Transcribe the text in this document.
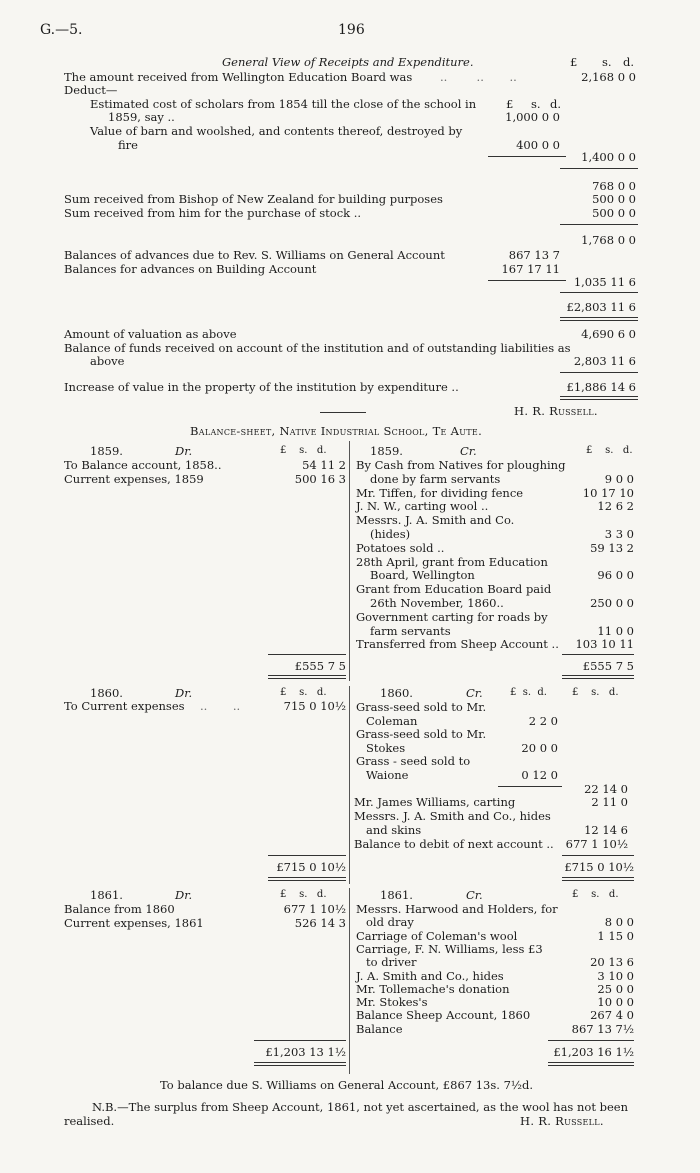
G.—5.	196
General View of Receipts and Expenditure.	£ s. d.
The amount received from Wellington Education Board was ..        ..       ..	2,168 0 0
Deduct—
Estimated cost of scholars from 1854 till the close of the school in	£ s. d.
1859, say ..	1,000 0 0
Value of barn and woolshed, and contents thereof, destroyed by
fire	400 0 0
1,400 0 0
768 0 0
Sum received from Bishop of New Zealand for building purposes	500 0 0
Sum received from him for the purchase of stock ..	500 0 0
1,768 0 0
Balances of advances due to Rev. S. Williams on General Account	867 13 7
Balances for advances on Building Account	167 17 11
1,035 11 6
£2,803 11 6
Amount of valuation as above	4,690 6 0
Balance of funds received on account of the institution and of outstanding liabilities as
above	2,803 11 6
Increase of value in the property of the institution by expenditure ..	£1,886 14 6
H. R. Russell.
Balance-sheet, Native Industrial School, Te Aute.
1859.	Dr.	£    s.   d.	1859.	Cr.	£    s.   d.
To Balance account, 1858..	54 11 2
Current expenses, 1859	500 16 3
By Cash from Natives for ploughing
done by farm servants	9 0 0
Mr. Tiffen, for dividing fence	10 17 10
J. N. W., carting wool ..	12 6 2
Messrs. J. A. Smith and Co.
(hides)	3 3 0
Potatoes sold ..	59 13 2
28th April, grant from Education
Board, Wellington	96 0 0
Grant from Education Board paid
26th November, 1860..	250 0 0
Government carting for roads by
farm servants	11 0 0
Transferred from Sheep Account ..	103 10 11
£555 7 5	£555 7 5
1860.	Dr.	£    s.   d.
To Current expenses ..       ..	715 0 10½
1860.	Cr.	£  s.  d.	£    s.   d.
Grass-seed sold to Mr.
Coleman	2 2 0
Grass-seed sold to Mr.
Stokes	20 0 0
Grass - seed sold to
Waione	0 12 0
22 14 0
Mr. James Williams, carting	2 11 0
Messrs. J. A. Smith and Co., hides
and skins	12 14 6
Balance to debit of next account ..	677 1 10½
£715 0 10½	£715 0 10½
1861.	Dr.	£    s.   d.	1861.	Cr.	£    s.   d.
Balance from 1860	677 1 10½
Current expenses, 1861	526 14 3
Messrs. Harwood and Holders, for
old dray	8 0 0
Carriage of Coleman's wool	1 15 0
Carriage, F. N. Williams, less £3
to driver	20 13 6
J. A. Smith and Co., hides	3 10 0
Mr. Tollemache's donation	25 0 0
Mr. Stokes's	10 0 0
Balance Sheep Account, 1860	267 4 0
Balance	867 13 7½
£1,203 13 1½	£1,203 16 1½
To balance due S. Williams on General Account, £867 13s. 7½d.
N.B.—The surplus from Sheep Account, 1861, not yet ascertained, as the wool has not been
realised.	H. R. Russell.
